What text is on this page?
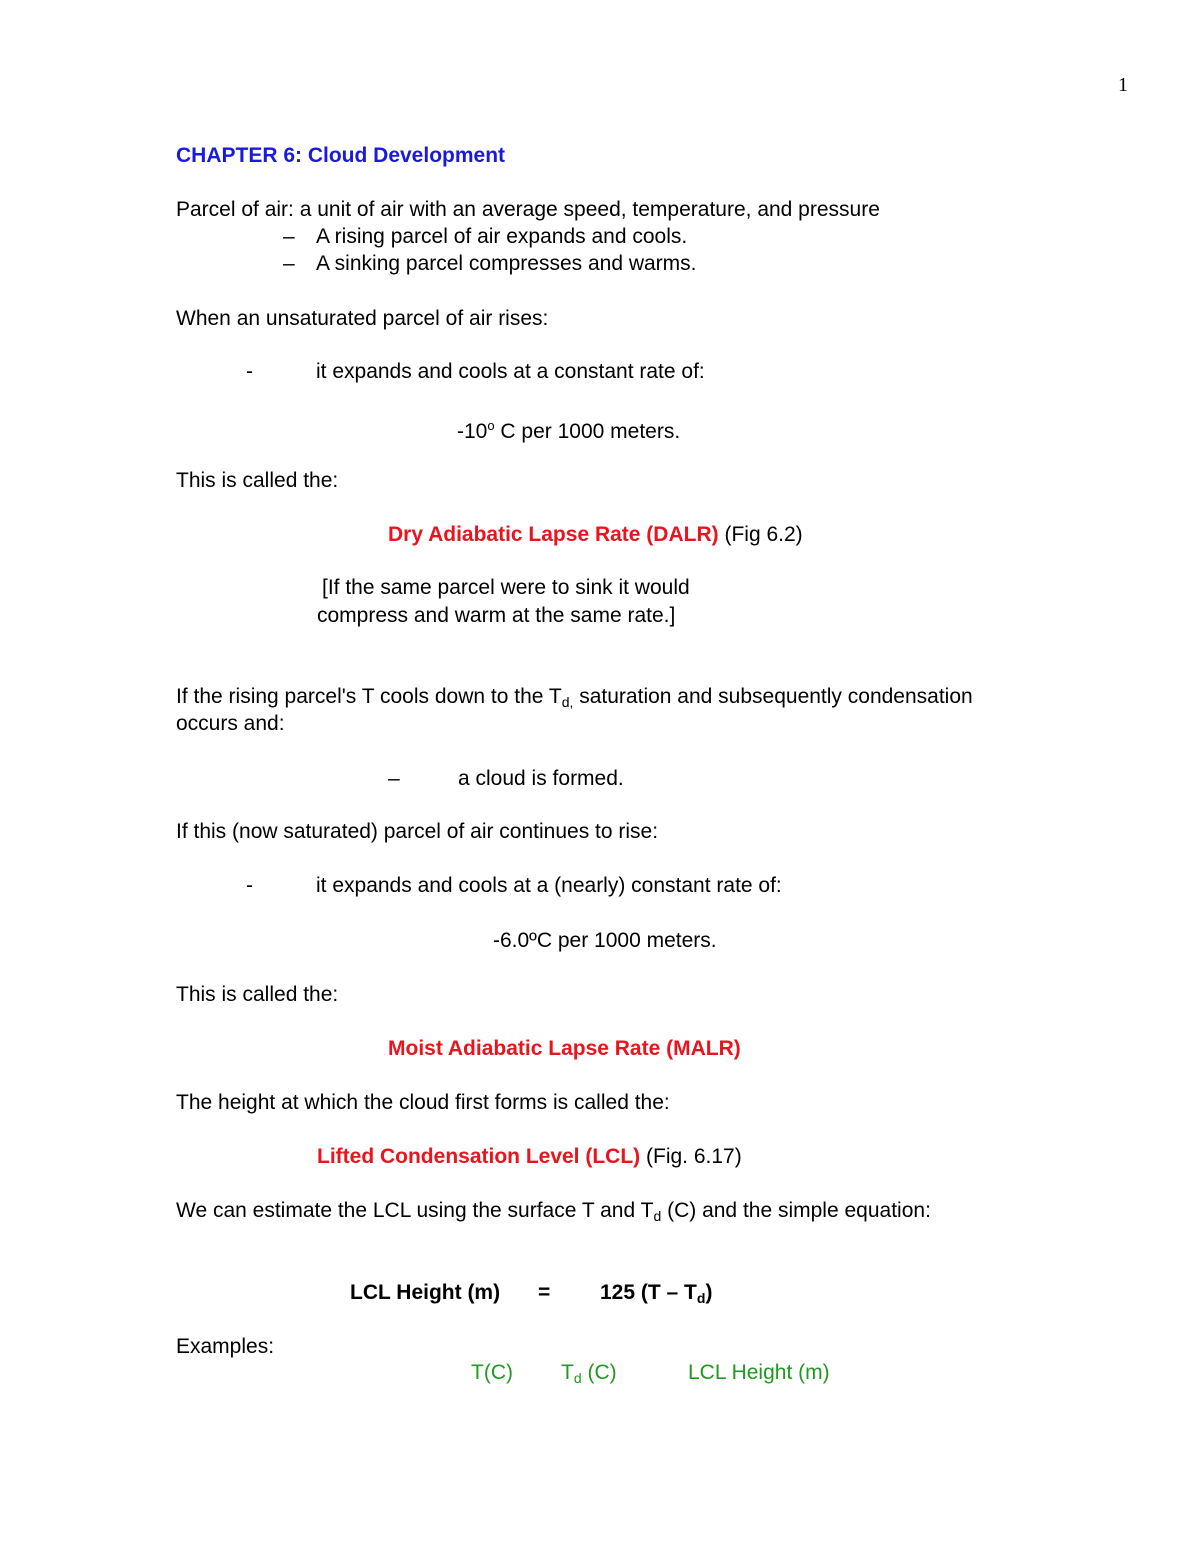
1
CHAPTER 6: Cloud Development
Parcel of air: a unit of air with an average speed, temperature, and pressure
– A rising parcel of air expands and cools.
– A sinking parcel compresses and warms.
When an unsaturated parcel of air rises:
-	it expands and cools at a constant rate of:
-10$^o$ C per 1000 meters.
This is called the:
Dry Adiabatic Lapse Rate (DALR) (Fig 6.2)
[If the same parcel were to sink it would
compress and warm at the same rate.]
If the rising parcel's T cools down to the $T_{d,}$ saturation and subsequently condensation
occurs and:
–	a cloud is formed.
If this (now saturated) parcel of air continues to rise:
-	it expands and cools at a (nearly) constant rate of:
-6.0ºC per 1000 meters.
This is called the:
Moist Adiabatic Lapse Rate (MALR)
The height at which the cloud first forms is called the:
Lifted Condensation Level (LCL) (Fig. 6.17)
We can estimate the LCL using the surface T and $T_d$ (C) and the simple equation:
LCL Height (m) = 125 $(T - T_d)$
Examples:

T(C) $T_d$ (C)	LCL Height (m)
